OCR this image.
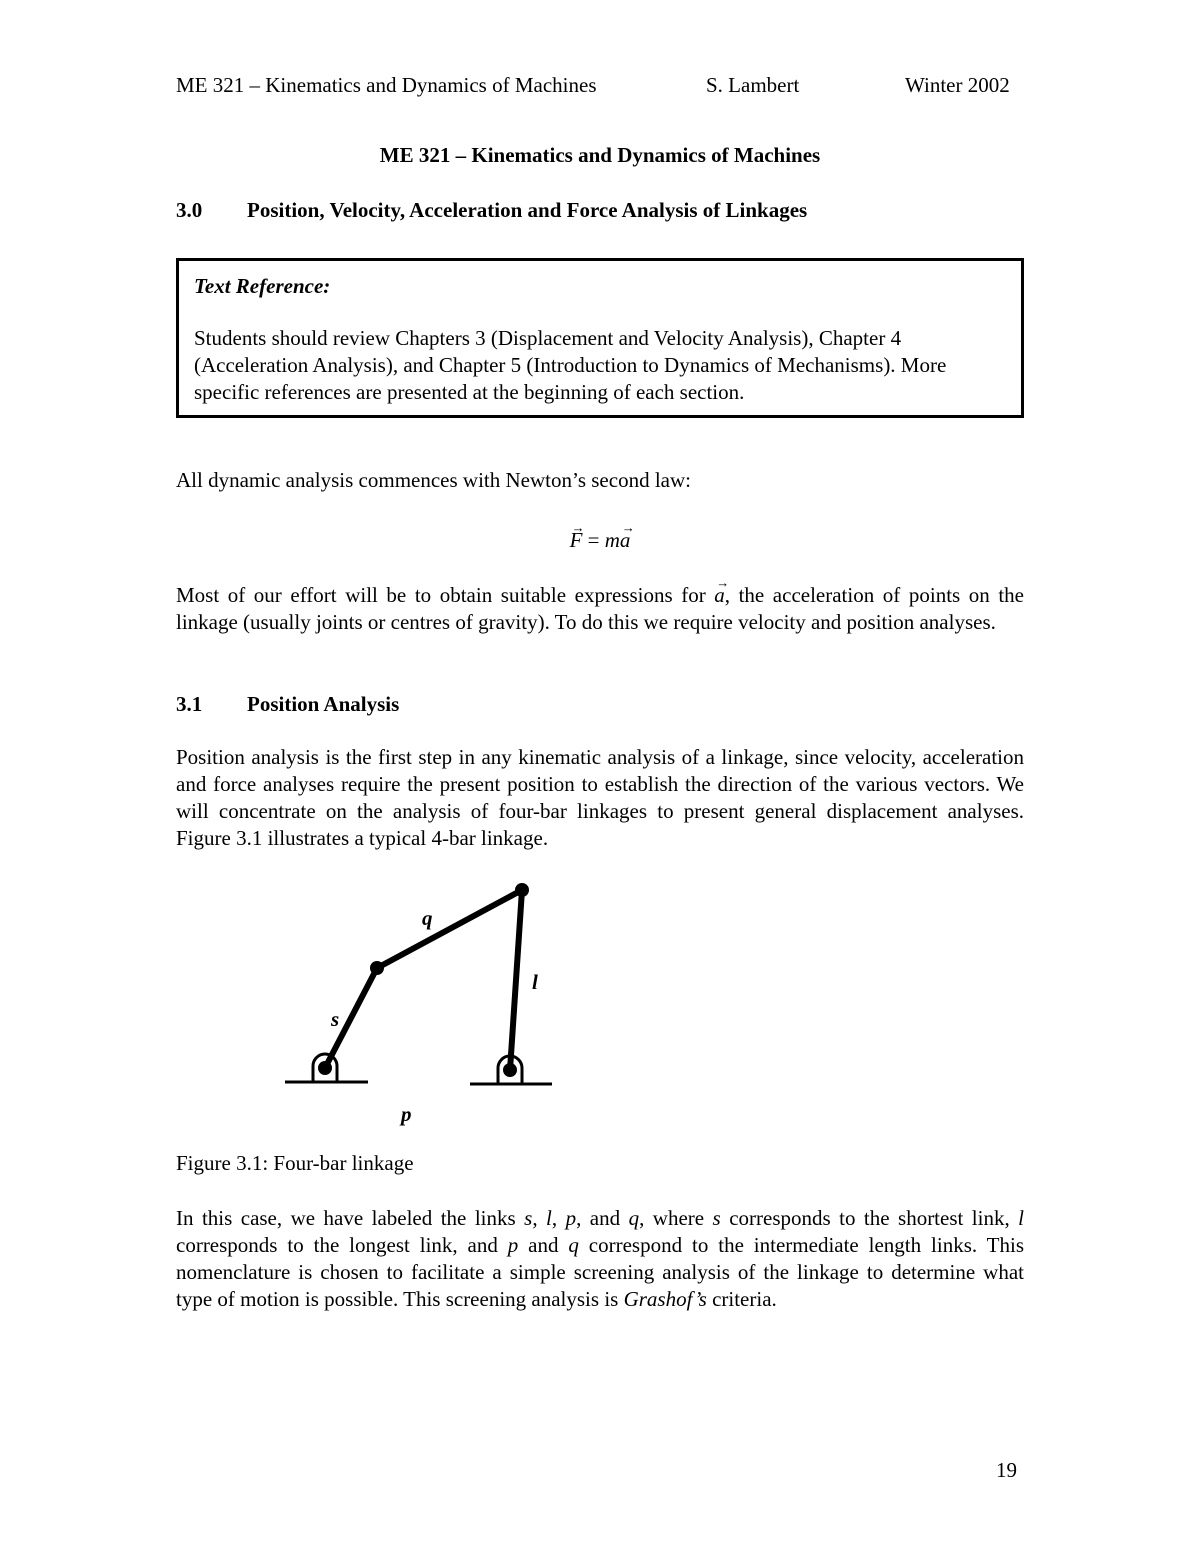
ME 321 – Kinematics and Dynamics of Machines	S. Lambert	Winter 2002
ME 321 – Kinematics and Dynamics of Machines
3.0 Position, Velocity, Acceleration and Force Analysis of Linkages
Text Reference:
Students should review Chapters 3 (Displacement and Velocity Analysis), Chapter 4 (Acceleration Analysis), and Chapter 5 (Introduction to Dynamics of Mechanisms). More specific references are presented at the beginning of each section.
All dynamic analysis commences with Newton’s second law:
→ F = m→ a
Most of our effort will be to obtain suitable expressions for → a, the acceleration of points on the linkage (usually joints or centres of gravity). To do this we require velocity and position analyses.
3.1 Position Analysis
Position analysis is the first step in any kinematic analysis of a linkage, since velocity, acceleration and force analyses require the present position to establish the direction of the various vectors. We will concentrate on the analysis of four-bar linkages to present general displacement analyses. Figure 3.1 illustrates a typical 4-bar linkage.
q
l
s
p
Figure 3.1: Four-bar linkage
In this case, we have labeled the links s, l, p, and q, where s corresponds to the shortest link, l corresponds to the longest link, and p and q correspond to the intermediate length links. This nomenclature is chosen to facilitate a simple screening analysis of the linkage to determine what type of motion is possible. This screening analysis is Grashof’s criteria.
19
